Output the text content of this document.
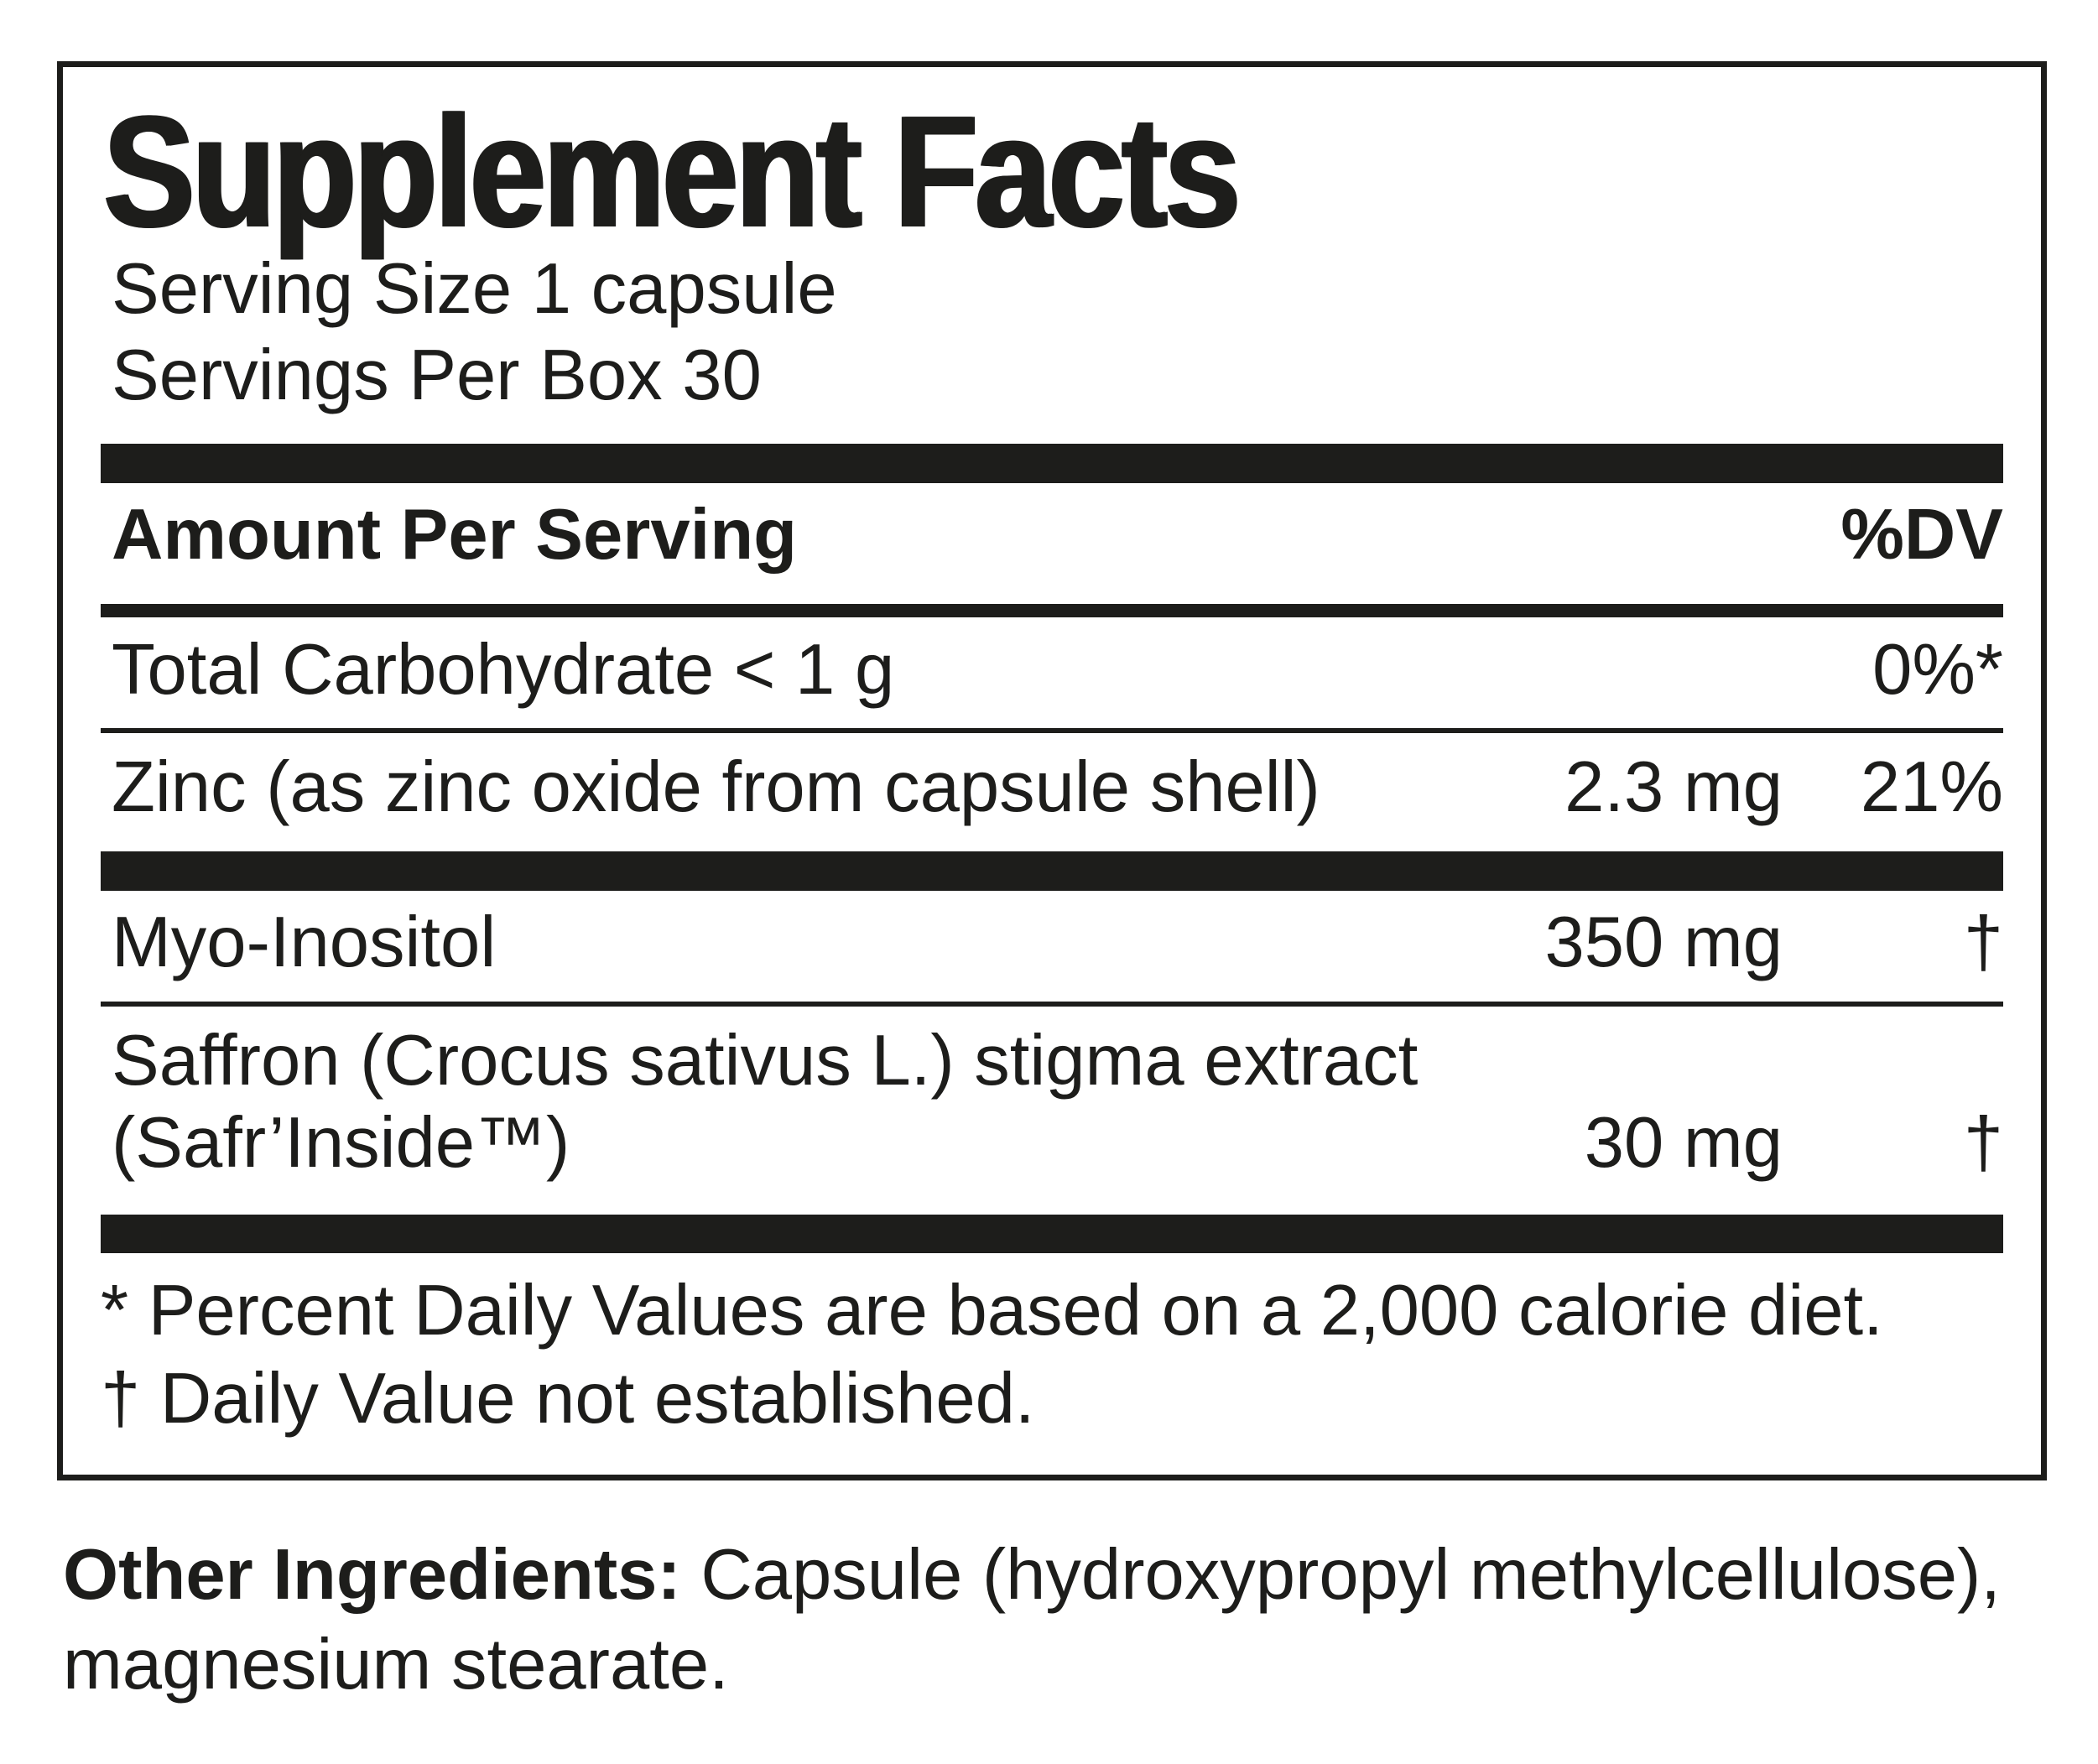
Supplement Facts
Serving Size 1 capsule
Servings Per Box 30
Amount Per Serving	%DV
Total Carbohydrate < 1 g	0%*
Zinc (as zinc oxide from capsule shell)	2.3 mg	21%
Myo-Inositol	350 mg	†
Saffron (Crocus sativus L.) stigma extract
(Safr’Inside™)	30 mg	†
* Percent Daily Values are based on a 2,000 calorie diet.
† Daily Value not established.
Other Ingredients: Capsule (hydroxypropyl methylcellulose),
magnesium stearate.
